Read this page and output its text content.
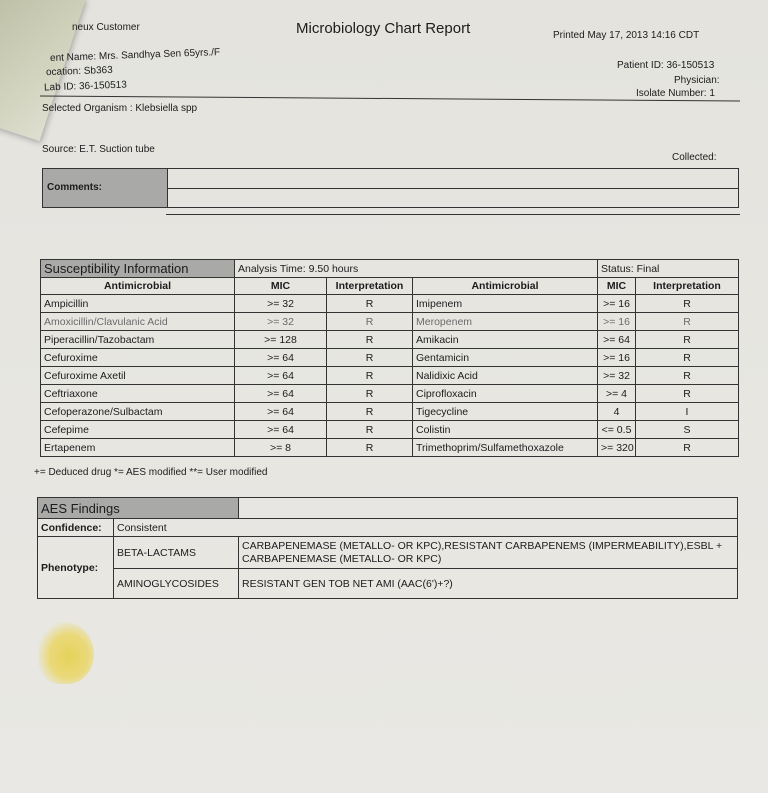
neux Customer	Microbiology Chart Report	Printed May 17, 2013 14:16 CDT
ent Name: Mrs. Sandhya Sen 65yrs./F
ocation: Sb363
Lab ID: 36-150513
Patient ID: 36-150513
Physician:
Isolate Number: 1
Selected Organism : Klebsiella spp
Source: E.T. Suction tube
Collected:
Comments:
Susceptibility Information	Analysis Time: 9.50 hours			Status: Final	
Antimicrobial	MIC	Interpretation	Antimicrobial	MIC	Interpretation
Ampicillin	>= 32	R	Imipenem	>= 16	R
Amoxicillin/Clavulanic Acid	>= 32	R	Meropenem	>= 16	R
Piperacillin/Tazobactam	>= 128	R	Amikacin	>= 64	R
Cefuroxime	>= 64	R	Gentamicin	>= 16	R
Cefuroxime Axetil	>= 64	R	Nalidixic Acid	>= 32	R
Ceftriaxone	>= 64	R	Ciprofloxacin	>= 4	R
Cefoperazone/Sulbactam	>= 64	R	Tigecycline	4	I
Cefepime	>= 64	R	Colistin	<= 0.5	S
Ertapenem	>= 8	R	Trimethoprim/Sulfamethoxazole	>= 320	R
+= Deduced drug *= AES modified **= User modified
AES Findings		
Confidence:	Consistent	
Phenotype:	BETA-LACTAMS	CARBAPENEMASE (METALLO- OR KPC),RESISTANT CARBAPENEMS (IMPERMEABILITY),ESBL + CARBAPENEMASE (METALLO- OR KPC)
	AMINOGLYCOSIDES	RESISTANT GEN TOB NET AMI (AAC(6')+?)
